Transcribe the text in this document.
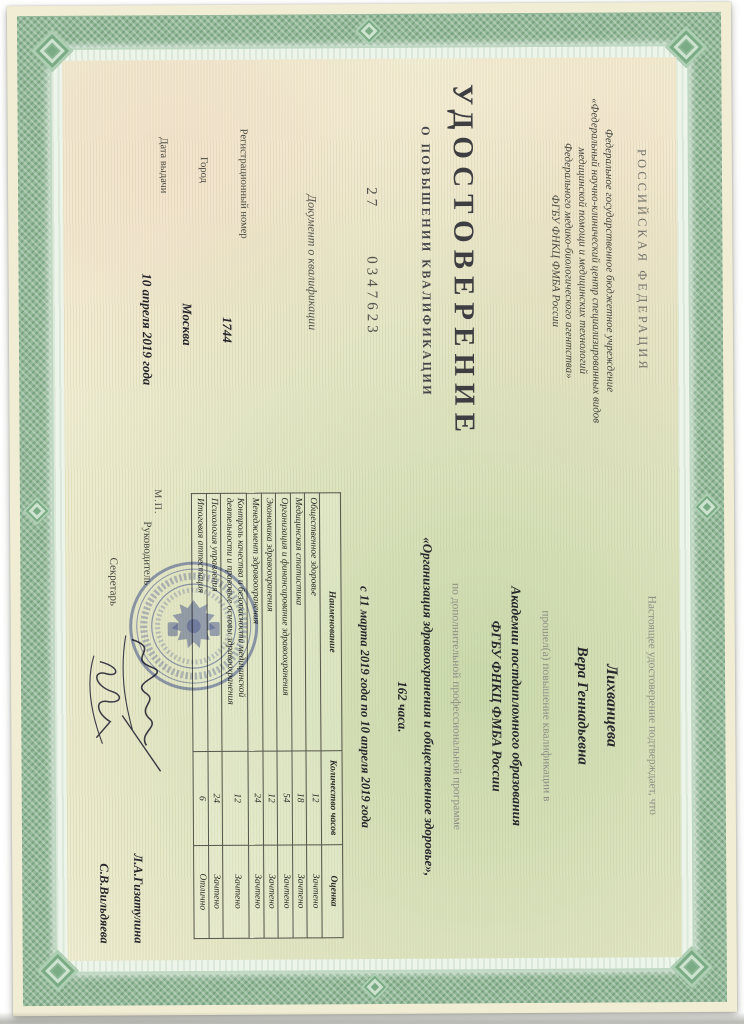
РОССИЙСКАЯ ФЕДЕРАЦИЯ
Федеральное государственное бюджетное учреждение
«Федеральный научно-клинический центр специализированных видов
медицинской помощи и медицинских технологий
Федерального медико-биологического агентства»
ФГБУ ФНКЦ ФМБА России
УДОСТОВЕРЕНИЕ
О ПОВЫШЕНИИ КВАЛИФИКАЦИИ
27
0347623
Документ о квалификации
Регистрационный номер
1744
Город
Москва
Дата выдачи
10 апреля 2019 года
Настоящее удостоверение подтверждает, что
Лихванцева
Вера Геннадьевна
прошел(а) повышение квалификации в
Академии постдипломного образования
ФГБУ ФНКЦ ФМБА России
по дополнительной профессиональной программе
«Организация здравоохранения и общественное здоровье»,
162 часа.
с 11 марта 2019 года по 10 апреля 2019 года
Наименование	Количество часов	Оценка
Общественное здоровье	12	Зачтено
Медицинская статистика	18	Зачтено
Организация и финансирование здравоохранения	54	Зачтено
Экономика здравоохранения	12	Зачтено
Менеджмент здравоохранения	24	Зачтено
Контроль качества и безопасности медицинской деятельности и правовые основы здравоохранения	12	Зачтено
Психология управления	24	Зачтено
Итоговая аттестация	6	Отлично
М.П.
Руководитель
Л.А.Гизатулина
Секретарь
С.В.Вильдяева
